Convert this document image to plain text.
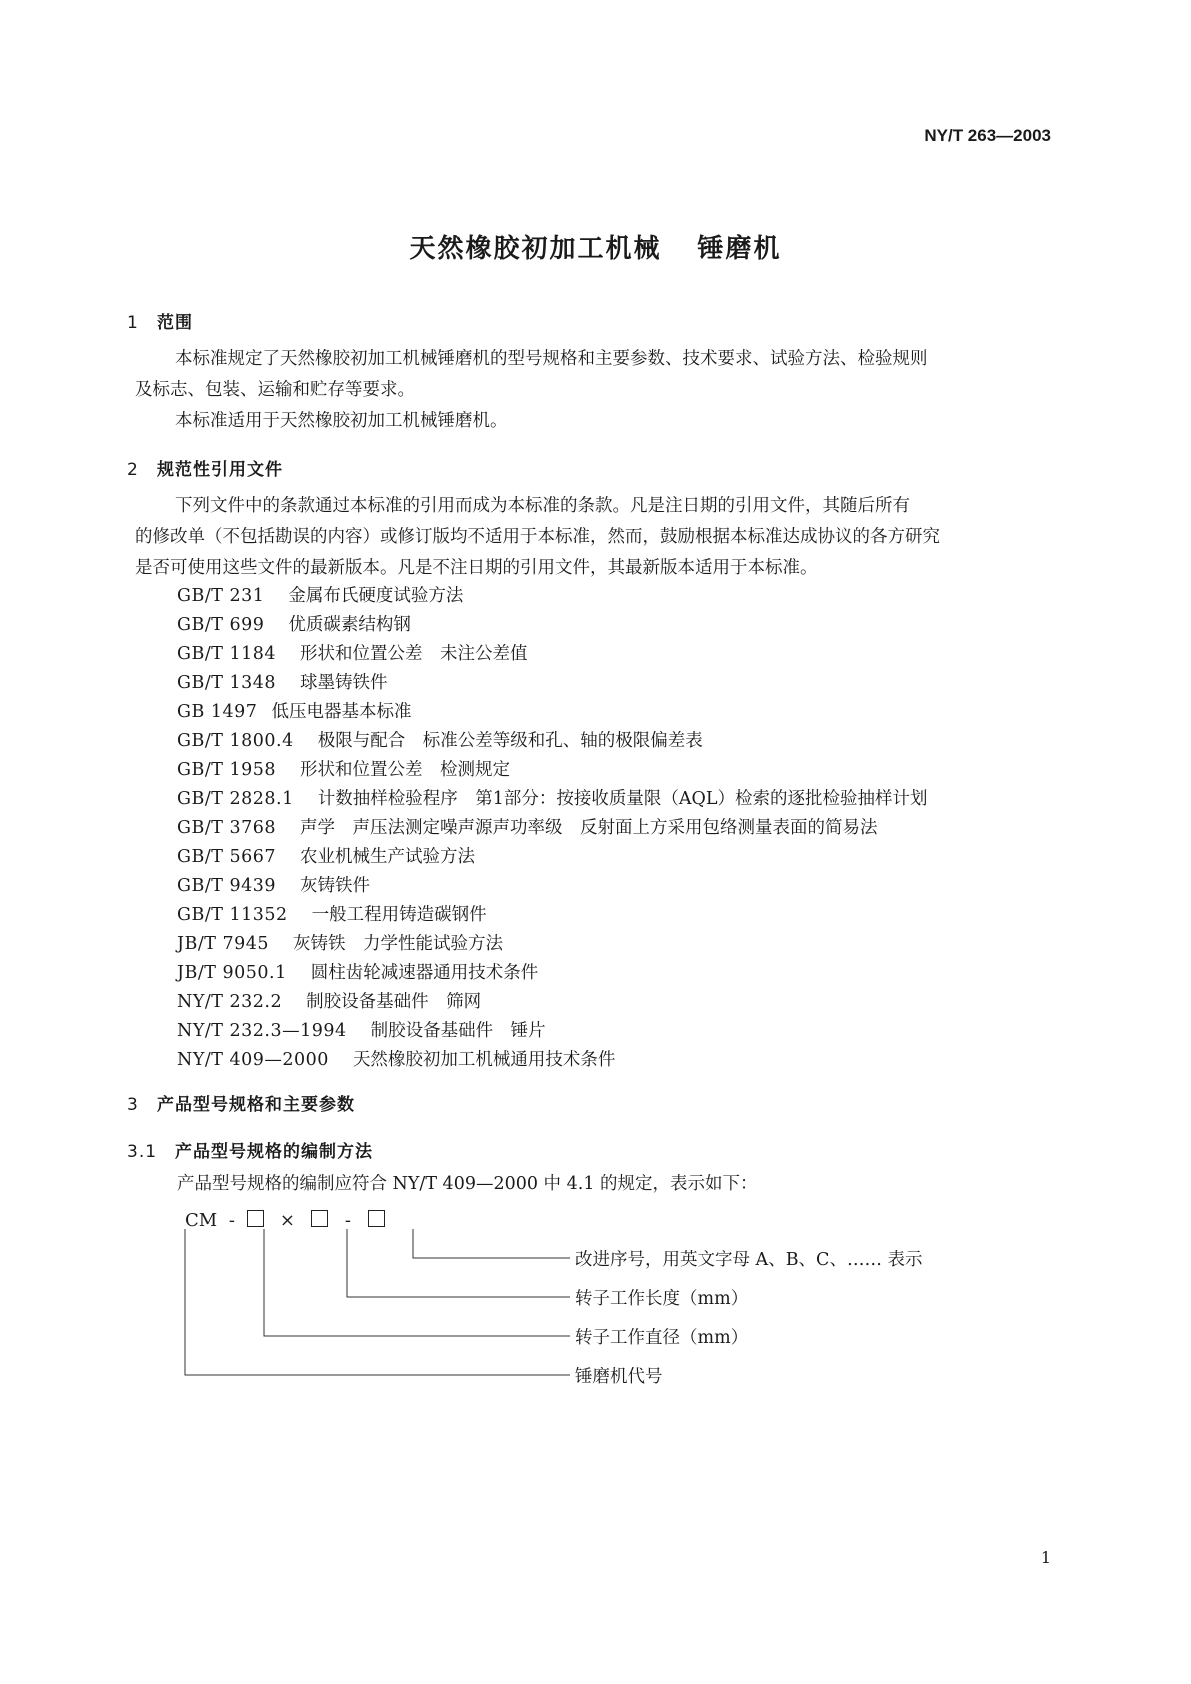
NY/T 263—2003
天然橡胶初加工机械 锤磨机
1 范围
本标准规定了天然橡胶初加工机械锤磨机的型号规格和主要参数、技术要求、试验方法、检验规则
及标志、包装、运输和贮存等要求。
本标准适用于天然橡胶初加工机械锤磨机。
2 规范性引用文件
下列文件中的条款通过本标准的引用而成为本标准的条款。凡是注日期的引用文件，其随后所有
的修改单（不包括勘误的内容）或修订版均不适用于本标准，然而，鼓励根据本标准达成协议的各方研究
是否可使用这些文件的最新版本。凡是不注日期的引用文件，其最新版本适用于本标准。
GB/T 231 金属布氏硬度试验方法
GB/T 699 优质碳素结构钢
GB/T 1184 形状和位置公差　未注公差值
GB/T 1348 球墨铸铁件
GB 1497 低压电器基本标准
GB/T 1800.4 极限与配合　标准公差等级和孔、轴的极限偏差表
GB/T 1958 形状和位置公差　检测规定
GB/T 2828.1 计数抽样检验程序　第1部分：按接收质量限（AQL）检索的逐批检验抽样计划
GB/T 3768 声学　声压法测定噪声源声功率级　反射面上方采用包络测量表面的简易法
GB/T 5667 农业机械生产试验方法
GB/T 9439 灰铸铁件
GB/T 11352 一般工程用铸造碳钢件
JB/T 7945 灰铸铁　力学性能试验方法
JB/T 9050.1 圆柱齿轮减速器通用技术条件
NY/T 232.2 制胶设备基础件　筛网
NY/T 232.3—1994 制胶设备基础件　锤片
NY/T 409—2000 天然橡胶初加工机械通用技术条件
3 产品型号规格和主要参数
3.1 产品型号规格的编制方法
产品型号规格的编制应符合 NY/T 409—2000 中 4.1 的规定，表示如下：
CM - ×	-
改进序号，用英文字母 A、B、C、…… 表示
转子工作长度（mm）
转子工作直径（mm）
锤磨机代号
1
